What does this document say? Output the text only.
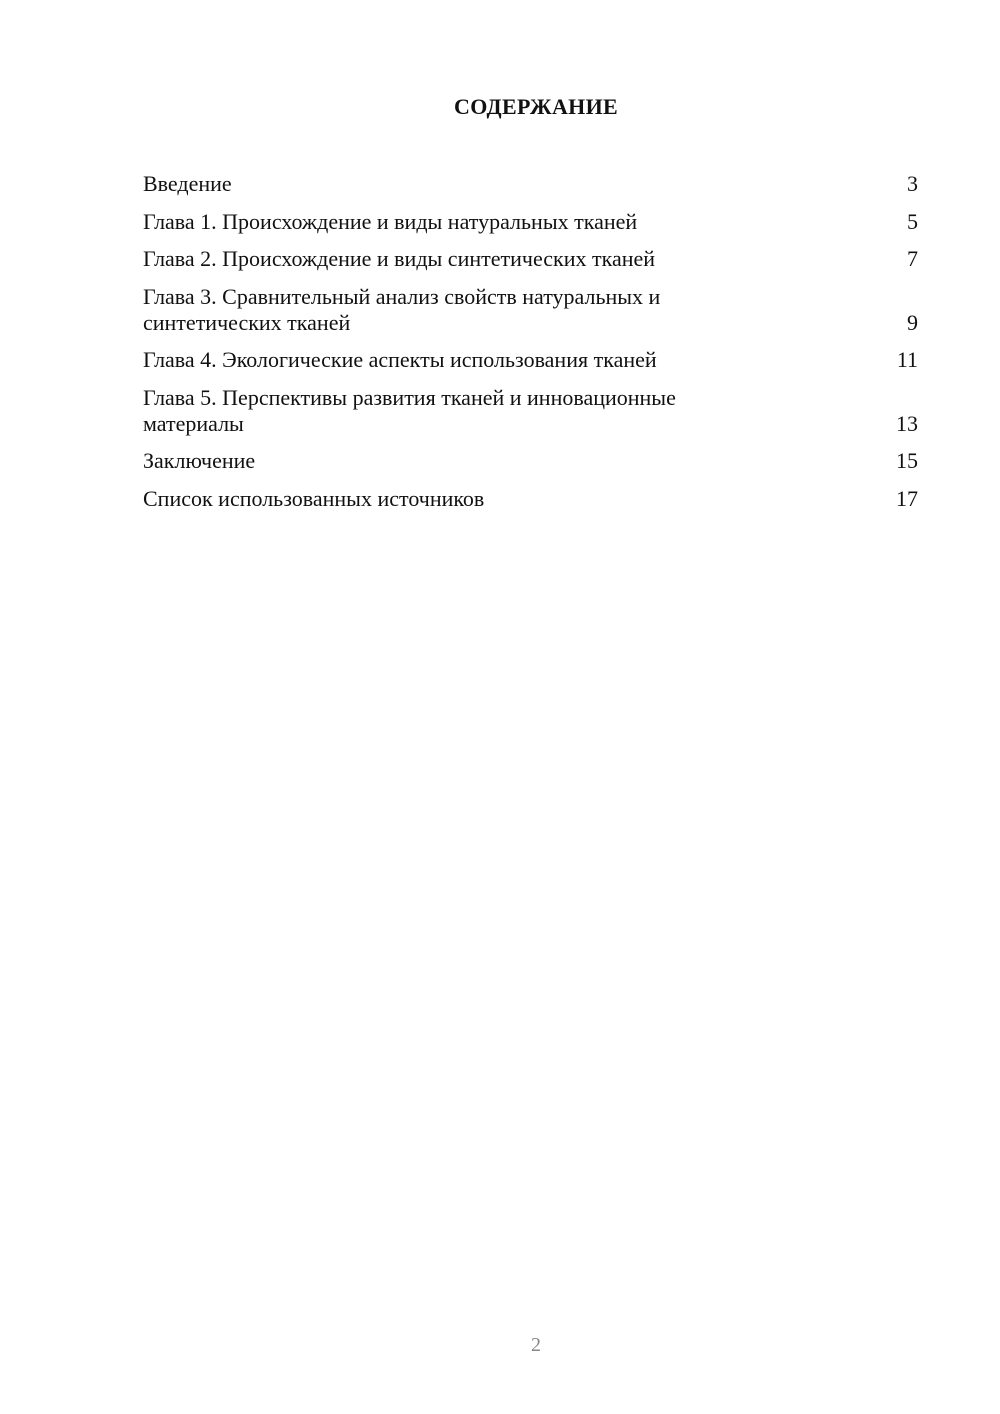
СОДЕРЖАНИЕ
Введение	3
Глава 1. Происхождение и виды натуральных тканей	5
Глава 2. Происхождение и виды синтетических тканей	7
Глава 3. Сравнительный анализ свойств натуральных и
синтетических тканей	9
Глава 4. Экологические аспекты использования тканей	11
Глава 5. Перспективы развития тканей и инновационные
материалы	13
Заключение	15
Список использованных источников	17
2
